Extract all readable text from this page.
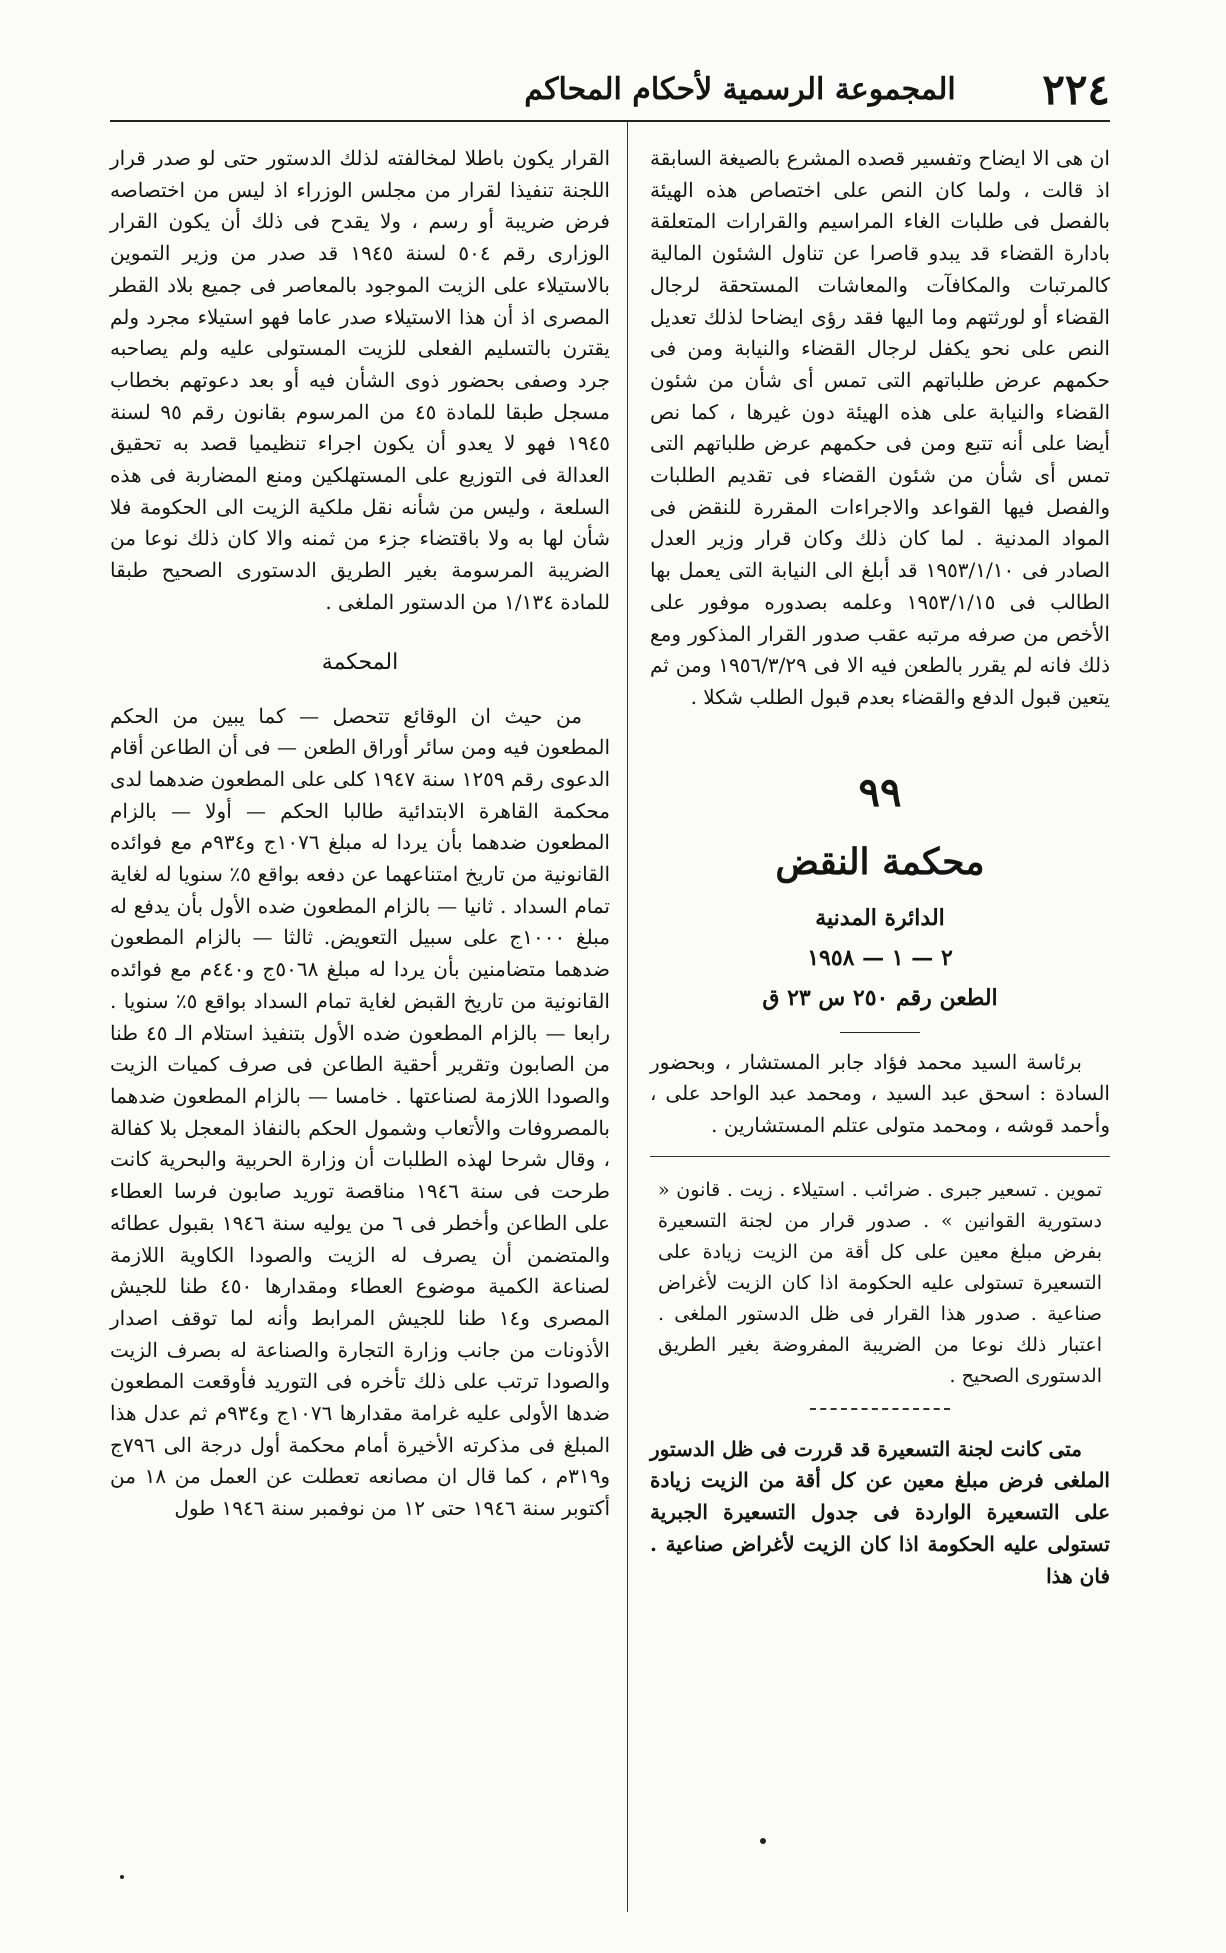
٢٢٤
المجموعة الرسمية لأحكام المحاكم

ان هى الا ايضاح وتفسير قصده المشرع بالصيغة السابقة اذ قالت ، ولما كان النص على اختصاص هذه الهيئة بالفصل فى طلبات الغاء المراسيم والقرارات المتعلقة بادارة القضاء قد يبدو قاصرا عن تناول الشئون المالية كالمرتبات والمكافآت والمعاشات المستحقة لرجال القضاء أو لورثتهم وما اليها فقد رؤى ايضاحا لذلك تعديل النص على نحو يكفل لرجال القضاء والنيابة ومن فى حكمهم عرض طلباتهم التى تمس أى شأن من شئون القضاء والنيابة على هذه الهيئة دون غيرها ، كما نص أيضا على أنه تتبع ومن فى حكمهم عرض طلباتهم التى تمس أى شأن من شئون القضاء فى تقديم الطلبات والفصل فيها القواعد والاجراءات المقررة للنقض فى المواد المدنية . لما كان ذلك وكان قرار وزير العدل الصادر فى ١٩٥٣/١/١٠ قد أبلغ الى النيابة التى يعمل بها الطالب فى ١٩٥٣/١/١٥ وعلمه بصدوره موفور على الأخص من صرفه مرتبه عقب صدور القرار المذكور ومع ذلك فانه لم يقرر بالطعن فيه الا فى ١٩٥٦/٣/٢٩ ومن ثم يتعين قبول الدفع والقضاء بعدم قبول الطلب شكلا .

٩٩
محكمة النقض
الدائرة المدنية
٢ — ١ — ١٩٥٨
الطعن رقم ٢٥٠ س ٢٣ ق

برئاسة السيد محمد فؤاد جابر المستشار ، وبحضور السادة : اسحق عبد السيد ، ومحمد عبد الواحد على ، وأحمد قوشه ، ومحمد متولى عتلم المستشارين .

تموين . تسعير جبرى . ضرائب . استيلاء . زيت . قانون « دستورية القوانين » . صدور قرار من لجنة التسعيرة بفرض مبلغ معين على كل أقة من الزيت زيادة على التسعيرة تستولى عليه الحكومة اذا كان الزيت لأغراض صناعية . صدور هذا القرار فى ظل الدستور الملغى . اعتبار ذلك نوعا من الضريبة المفروضة بغير الطريق الدستورى الصحيح .

متى كانت لجنة التسعيرة قد قررت فى ظل الدستور الملغى فرض مبلغ معين عن كل أقة من الزيت زيادة على التسعيرة الواردة فى جدول التسعيرة الجبرية تستولى عليه الحكومة اذا كان الزيت لأغراض صناعية . فان هذا

القرار يكون باطلا لمخالفته لذلك الدستور حتى لو صدر قرار اللجنة تنفيذا لقرار من مجلس الوزراء اذ ليس من اختصاصه فرض ضريبة أو رسم ، ولا يقدح فى ذلك أن يكون القرار الوزارى رقم ٥٠٤ لسنة ١٩٤٥ قد صدر من وزير التموين بالاستيلاء على الزيت الموجود بالمعاصر فى جميع بلاد القطر المصرى اذ أن هذا الاستيلاء صدر عاما فهو استيلاء مجرد ولم يقترن بالتسليم الفعلى للزيت المستولى عليه ولم يصاحبه جرد وصفى بحضور ذوى الشأن فيه أو بعد دعوتهم بخطاب مسجل طبقا للمادة ٤٥ من المرسوم بقانون رقم ٩٥ لسنة ١٩٤٥ فهو لا يعدو أن يكون اجراء تنظيميا قصد به تحقيق العدالة فى التوزيع على المستهلكين ومنع المضاربة فى هذه السلعة ، وليس من شأنه نقل ملكية الزيت الى الحكومة فلا شأن لها به ولا باقتضاء جزء من ثمنه والا كان ذلك نوعا من الضريبة المرسومة بغير الطريق الدستورى الصحيح طبقا للمادة ١/١٣٤ من الدستور الملغى .

المحكمة

من حيث ان الوقائع تتحصل — كما يبين من الحكم المطعون فيه ومن سائر أوراق الطعن — فى أن الطاعن أقام الدعوى رقم ١٢٥٩ سنة ١٩٤٧ كلى على المطعون ضدهما لدى محكمة القاهرة الابتدائية طالبا الحكم — أولا — بالزام المطعون ضدهما بأن يردا له مبلغ ١٠٧٦ج و٩٣٤م مع فوائده القانونية من تاريخ امتناعهما عن دفعه بواقع ٥٪ سنويا له لغاية تمام السداد . ثانيا — بالزام المطعون ضده الأول بأن يدفع له مبلغ ١٠٠٠ج على سبيل التعويض. ثالثا — بالزام المطعون ضدهما متضامنين بأن يردا له مبلغ ٥٠٦٨ج و٤٤٠م مع فوائده القانونية من تاريخ القبض لغاية تمام السداد بواقع ٥٪ سنويا . رابعا — بالزام المطعون ضده الأول بتنفيذ استلام الـ ٤٥ طنا من الصابون وتقرير أحقية الطاعن فى صرف كميات الزيت والصودا اللازمة لصناعتها . خامسا — بالزام المطعون ضدهما بالمصروفات والأتعاب وشمول الحكم بالنفاذ المعجل بلا كفالة ، وقال شرحا لهذه الطلبات أن وزارة الحربية والبحرية كانت طرحت فى سنة ١٩٤٦ مناقصة توريد صابون فرسا العطاء على الطاعن وأخطر فى ٦ من يوليه سنة ١٩٤٦ بقبول عطائه والمتضمن أن يصرف له الزيت والصودا الكاوية اللازمة لصناعة الكمية موضوع العطاء ومقدارها ٤٥٠ طنا للجيش المصرى و١٤ طنا للجيش المرابط وأنه لما توقف اصدار الأذونات من جانب وزارة التجارة والصناعة له بصرف الزيت والصودا ترتب على ذلك تأخره فى التوريد فأوقعت المطعون ضدها الأولى عليه غرامة مقدارها ١٠٧٦ج و٩٣٤م ثم عدل هذا المبلغ فى مذكرته الأخيرة أمام محكمة أول درجة الى ٧٩٦ج و٣١٩م ، كما قال ان مصانعه تعطلت عن العمل من ١٨ من أكتوبر سنة ١٩٤٦ حتى ١٢ من نوفمبر سنة ١٩٤٦ طول
